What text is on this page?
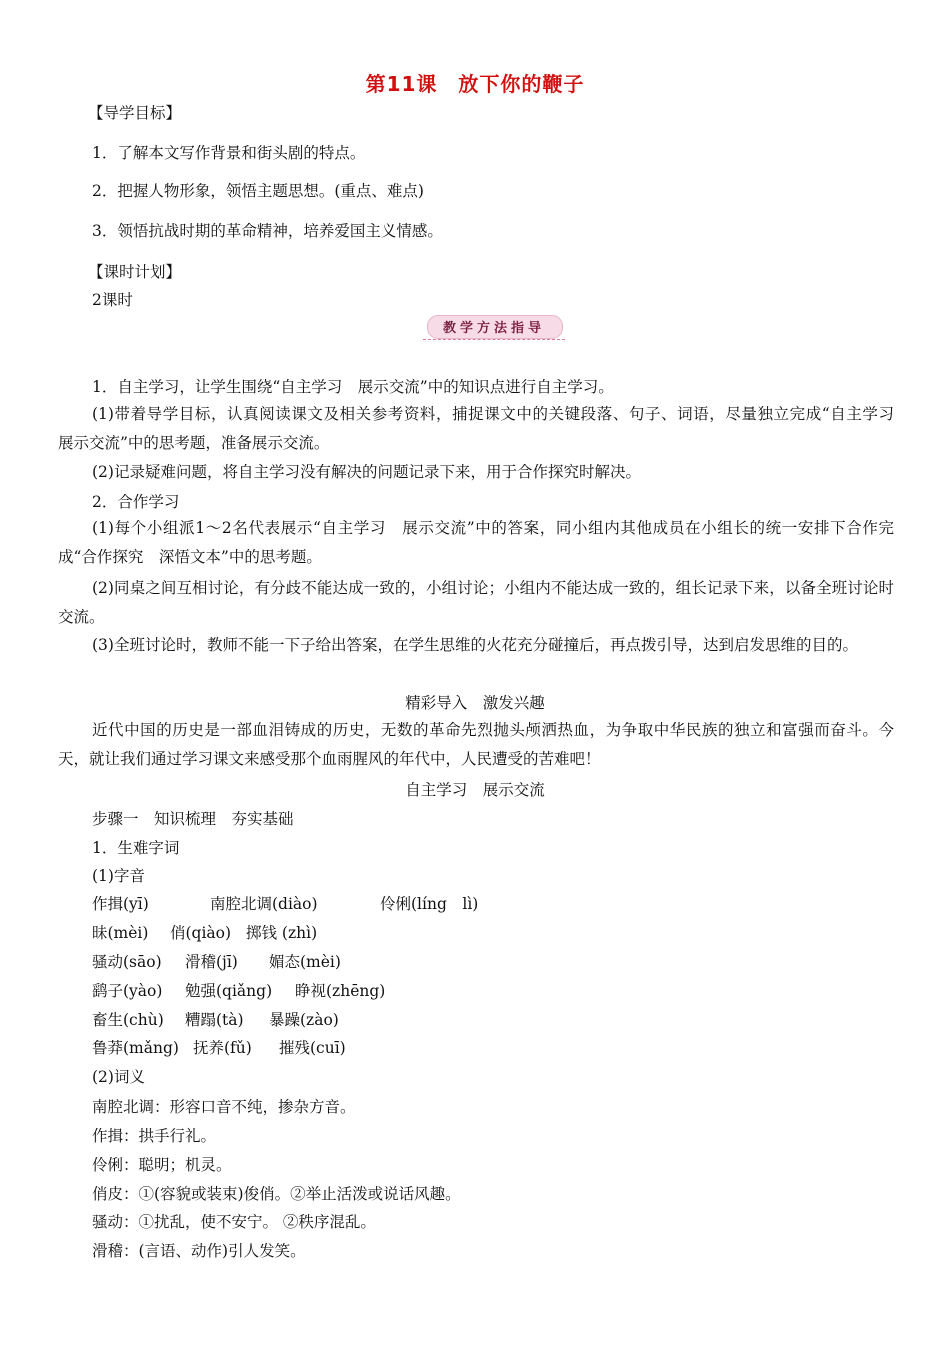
第11课　放下你的鞭子
【导学目标】
1．了解本文写作背景和街头剧的特点。
2．把握人物形象，领悟主题思想。(重点、难点)
3．领悟抗战时期的革命精神，培养爱国主义情感。
【课时计划】
2课时
教学方法指导
1．自主学习，让学生围绕“自主学习　展示交流”中的知识点进行自主学习。
(1)带着导学目标，认真阅读课文及相关参考资料，捕捉课文中的关键段落、句子、词语，尽量独立完成“自主学习　展示交流”中的思考题，准备展示交流。
(2)记录疑难问题，将自主学习没有解决的问题记录下来，用于合作探究时解决。
2．合作学习
(1)每个小组派1～2名代表展示“自主学习　展示交流”中的答案，同小组内其他成员在小组长的统一安排下合作完成“合作探究　深悟文本”中的思考题。
(2)同桌之间互相讨论，有分歧不能达成一致的，小组讨论；小组内不能达成一致的，组长记录下来，以备全班讨论时交流。
(3)全班讨论时，教师不能一下子给出答案，在学生思维的火花充分碰撞后，再点拨引导，达到启发思维的目的。
精彩导入　激发兴趣
近代中国的历史是一部血泪铸成的历史，无数的革命先烈抛头颅洒热血，为争取中华民族的独立和富强而奋斗。今天，就让我们通过学习课文来感受那个血雨腥风的年代中，人民遭受的苦难吧！
自主学习　展示交流
步骤一　知识梳理　夯实基础
1．生难字词
(1)字音
作揖(yī)	南腔北调(diào)	伶俐(líng　lì)
昧(mèi) 俏(qiào) 掷钱 (zhì)
骚动(sāo) 滑稽(jī) 媚态(mèi)
鹞子(yào) 勉强(qiǎng) 睁视(zhēng)
畜生(chù) 糟蹋(tà) 暴躁(zào)
鲁莽(mǎng) 抚养(fǔ) 摧残(cuī)
(2)词义
南腔北调：形容口音不纯，掺杂方音。
作揖：拱手行礼。
伶俐：聪明；机灵。
俏皮：①(容貌或装束)俊俏。②举止活泼或说话风趣。
骚动：①扰乱，使不安宁。 ②秩序混乱。
滑稽：(言语、动作)引人发笑。
